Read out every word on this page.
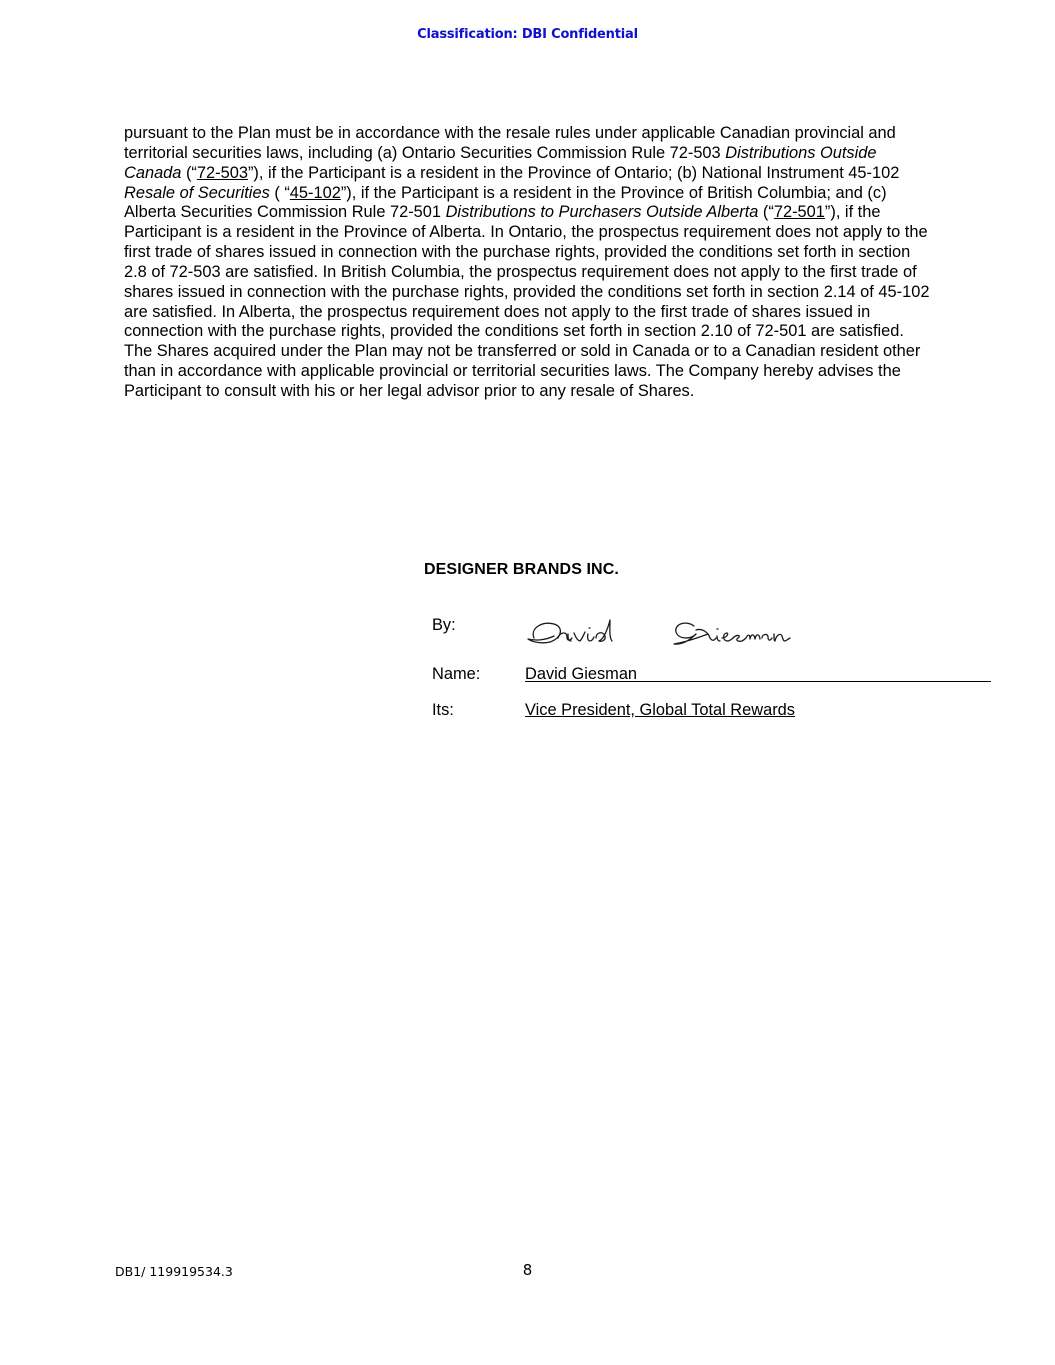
Classification: DBI Confidential

pursuant to the Plan must be in accordance with the resale rules under applicable Canadian provincial and territorial securities laws, including (a) Ontario Securities Commission Rule 72-503 Distributions Outside Canada (“72-503”), if the Participant is a resident in the Province of Ontario; (b) National Instrument 45-102 Resale of Securities ( “45-102”), if the Participant is a resident in the Province of British Columbia; and (c) Alberta Securities Commission Rule 72-501 Distributions to Purchasers Outside Alberta (“72-501”), if the Participant is a resident in the Province of Alberta. In Ontario, the prospectus requirement does not apply to the first trade of shares issued in connection with the purchase rights, provided the conditions set forth in section 2.8 of 72-503 are satisfied. In British Columbia, the prospectus requirement does not apply to the first trade of shares issued in connection with the purchase rights, provided the conditions set forth in section 2.14 of 45-102 are satisfied. In Alberta, the prospectus requirement does not apply to the first trade of shares issued in connection with the purchase rights, provided the conditions set forth in section 2.10 of 72-501 are satisfied. The Shares acquired under the Plan may not be transferred or sold in Canada or to a Canadian resident other than in accordance with applicable provincial or territorial securities laws. The Company hereby advises the Participant to consult with his or her legal advisor prior to any resale of Shares.

DESIGNER BRANDS INC.
By:
Name:	David Giesman
Its:	Vice President, Global Total Rewards
DB1/ 119919534.3	8
